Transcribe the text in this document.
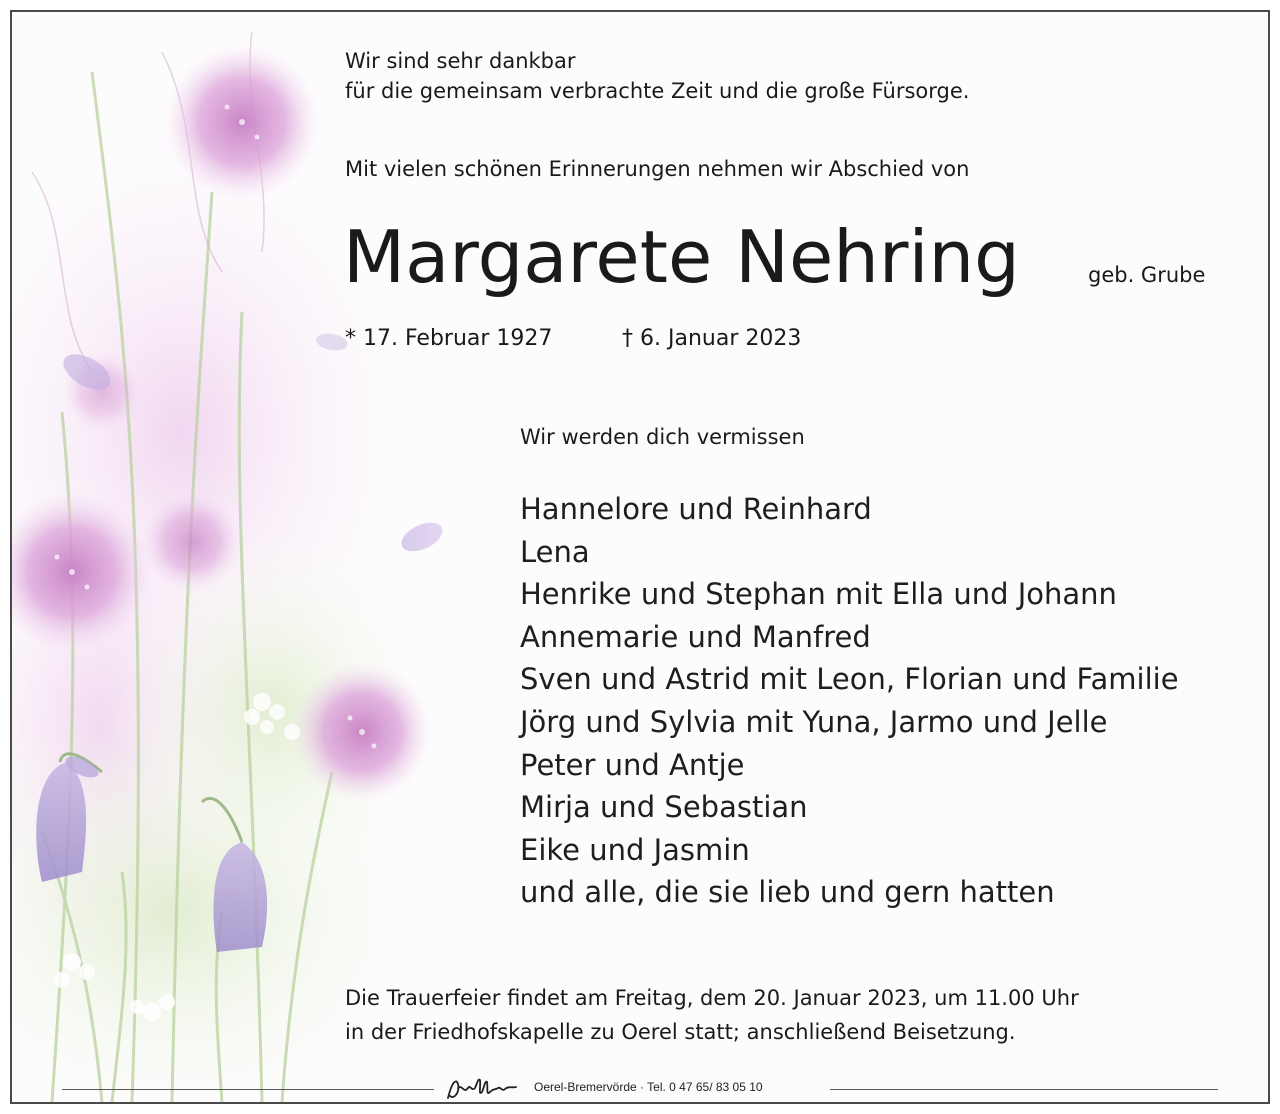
Wir sind sehr dankbar
für die gemeinsam verbrachte Zeit und die große Fürsorge.
Mit vielen schönen Erinnerungen nehmen wir Abschied von
Margarete Nehring	geb. Grube
* 17. Februar 1927	† 6. Januar 2023
Wir werden dich vermissen
Hannelore und Reinhard
Lena
Henrike und Stephan mit Ella und Johann
Annemarie und Manfred
Sven und Astrid mit Leon, Florian und Familie
Jörg und Sylvia mit Yuna, Jarmo und Jelle
Peter und Antje
Mirja und Sebastian
Eike und Jasmin
und alle, die sie lieb und gern hatten
Die Trauerfeier findet am Freitag, dem 20. Januar 2023, um 11.00 Uhr
in der Friedhofskapelle zu Oerel statt; anschließend Beisetzung.
Oerel-Bremervörde · Tel. 0 47 65/ 83 05 10
